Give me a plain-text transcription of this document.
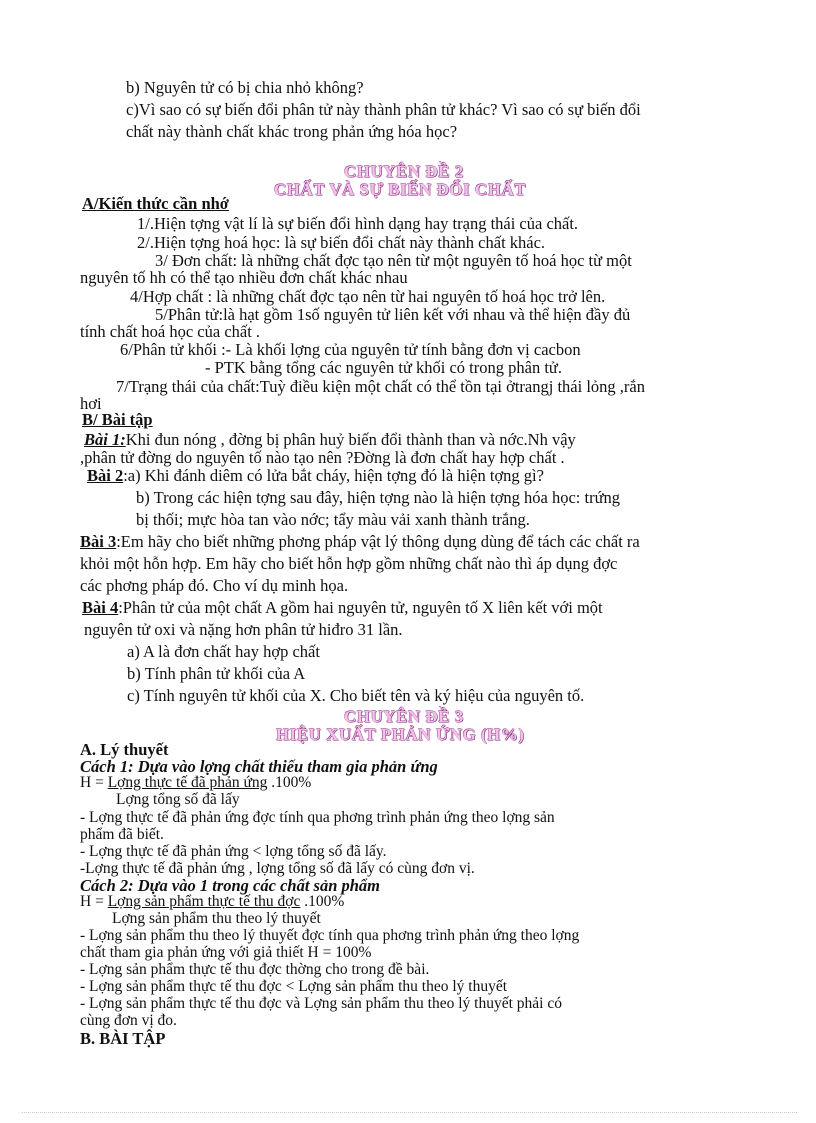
b) Nguyên tử có bị chia nhỏ không?
c)Vì sao có sự biến đổi phân tử này thành phân tử khác? Vì sao có sự biến đổi
chất này thành chất khác trong phản ứng hóa học?
CHUYÊN ĐỀ 2
CHẤT VÀ SỰ BIẾN ĐỔI CHẤT
A/Kiến thức cần nhớ
1/.Hiện tợng vật lí là sự biến đổi hình dạng hay trạng thái của chất.
2/.Hiện tợng hoá học: là sự biến đổi chất này thành chất khác.
3/ Đơn chất: là những chất đợc tạo nên từ một nguyên tố hoá học từ một
nguyên tố hh có thể tạo nhiều đơn chất khác nhau
4/Hợp chất : là những chất đợc tạo nên từ hai nguyên tố hoá học trở lên.
5/Phân tử:là hạt gồm 1số nguyên tử liên kết với nhau và thể hiện đầy đủ
tính chất hoá học của chất .
6/Phân tử khối :- Là khối lợng của nguyên tử tính bằng đơn vị cacbon
- PTK bằng tổng các nguyên tử khối có trong phân tử.
7/Trạng thái của chất:Tuỳ điều kiện một chất có thể tồn tại ởtrangj thái lỏng ,rắn
hơi
B/ Bài tập
Bài 1:Khi đun nóng , đờng bị phân huỷ biến đổi thành than và nớc.Nh vậy
,phân tử đờng do nguyên tố nào tạo nên ?Đờng là đơn chất hay hợp chất .
Bài 2:a) Khi đánh diêm có lửa bắt cháy, hiện tợng đó là hiện tợng gì?
b) Trong các hiện tợng sau đây, hiện tợng nào là hiện tợng hóa học: trứng
bị thối; mực hòa tan vào nớc; tẩy màu vải xanh thành trắng.
Bài 3:Em hãy cho biết những phơng pháp vật lý thông dụng dùng để tách các chất ra
khỏi một hỗn hợp. Em hãy cho biết hỗn hợp gồm những chất nào thì áp dụng đợc
các phơng pháp đó. Cho ví dụ minh họa.
Bài 4:Phân tử của một chất A gồm hai nguyên tử, nguyên tố X liên kết với một
nguyên tử oxi và nặng hơn phân tử hiđro 31 lần.
a) A là đơn chất hay hợp chất
b) Tính phân tử khối của A
c) Tính nguyên tử khối của X. Cho biết tên và ký hiệu của nguyên tố.
CHUYÊN ĐỀ 3
HIỆU XUẤT PHẢN ỨNG (H%)
A. Lý thuyết
Cách 1: Dựa vào lợng chất thiếu tham gia phản ứng
H = Lợng thực tế đã phản ứng .100%
Lợng tổng số đã lấy
- Lợng thực tế đã phản ứng đợc tính qua phơng trình phản ứng theo lợng sản
phẩm đã biết.
- Lợng thực tế đã phản ứng < lợng tổng số đã lấy.
-Lợng thực tế đã phản ứng , lợng tổng số đã lấy có cùng đơn vị.
Cách 2: Dựa vào 1 trong các chất sản phẩm
H = Lợng sản phẩm thực tế thu đợc .100%
Lợng sản phẩm thu theo lý thuyết
- Lợng sản phẩm thu theo lý thuyết đợc tính qua phơng trình phản ứng theo lợng
chất tham gia phản ứng với giả thiết H = 100%
- Lợng sản phẩm thực tế thu đợc thờng cho trong đề bài.
- Lợng sản phẩm thực tế thu đợc < Lợng sản phẩm thu theo lý thuyết
- Lợng sản phẩm thực tế thu đợc và Lợng sản phẩm thu theo lý thuyết phải có
cùng đơn vị đo.
B. BÀI TẬP
